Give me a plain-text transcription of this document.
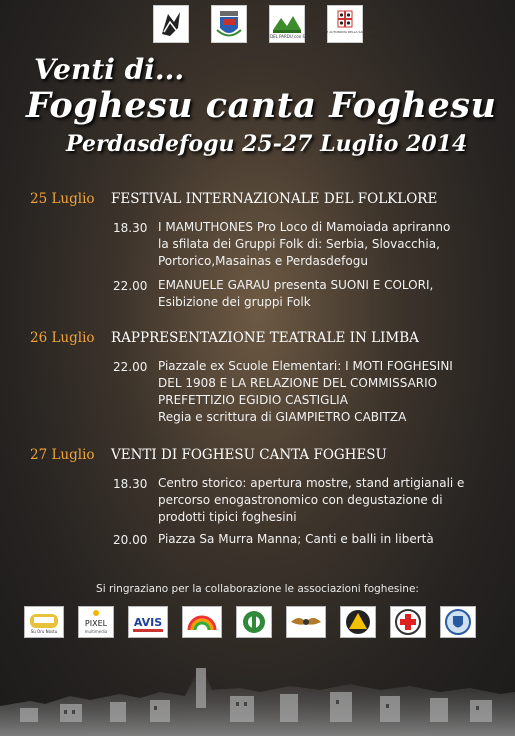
VALLE DEL PARDU con FAGGHI
REGIONE AUTONOMA DELLA SARDEGNA
Venti di...
Foghesu canta Foghesu
Perdasdefogu 25-27 Luglio 2014
25 Luglio FESTIVAL INTERNAZIONALE DEL FOLKLORE
18.30 I MAMUTHONES Pro Loco di Mamoiada apriranno
la sfilata dei Gruppi Folk di: Serbia, Slovacchia,
Portorico,Masainas e Perdasdefogu
22.00 EMANUELE GARAU presenta SUONI E COLORI,
Esibizione dei gruppi Folk
26 Luglio RAPPRESENTAZIONE TEATRALE IN LIMBA
22.00 Piazzale ex Scuole Elementari: I MOTI FOGHESINI
DEL 1908 E LA RELAZIONE DEL COMMISSARIO
PREFETTIZIO EGIDIO CASTIGLIA
Regia e scrittura di GIAMPIETRO CABITZA
27 Luglio VENTI DI FOGHESU CANTA FOGHESU
18.30 Centro storico: apertura mostre, stand artigianali e
percorso enogastronomico con degustazione di
prodotti tipici foghesini
20.00 Piazza Sa Murra Manna; Canti e balli in libertà
Si ringraziano per la collaborazione le associazioni foghesine:
Su Oru Nostu
PIXEL
multimedia
AVIS
